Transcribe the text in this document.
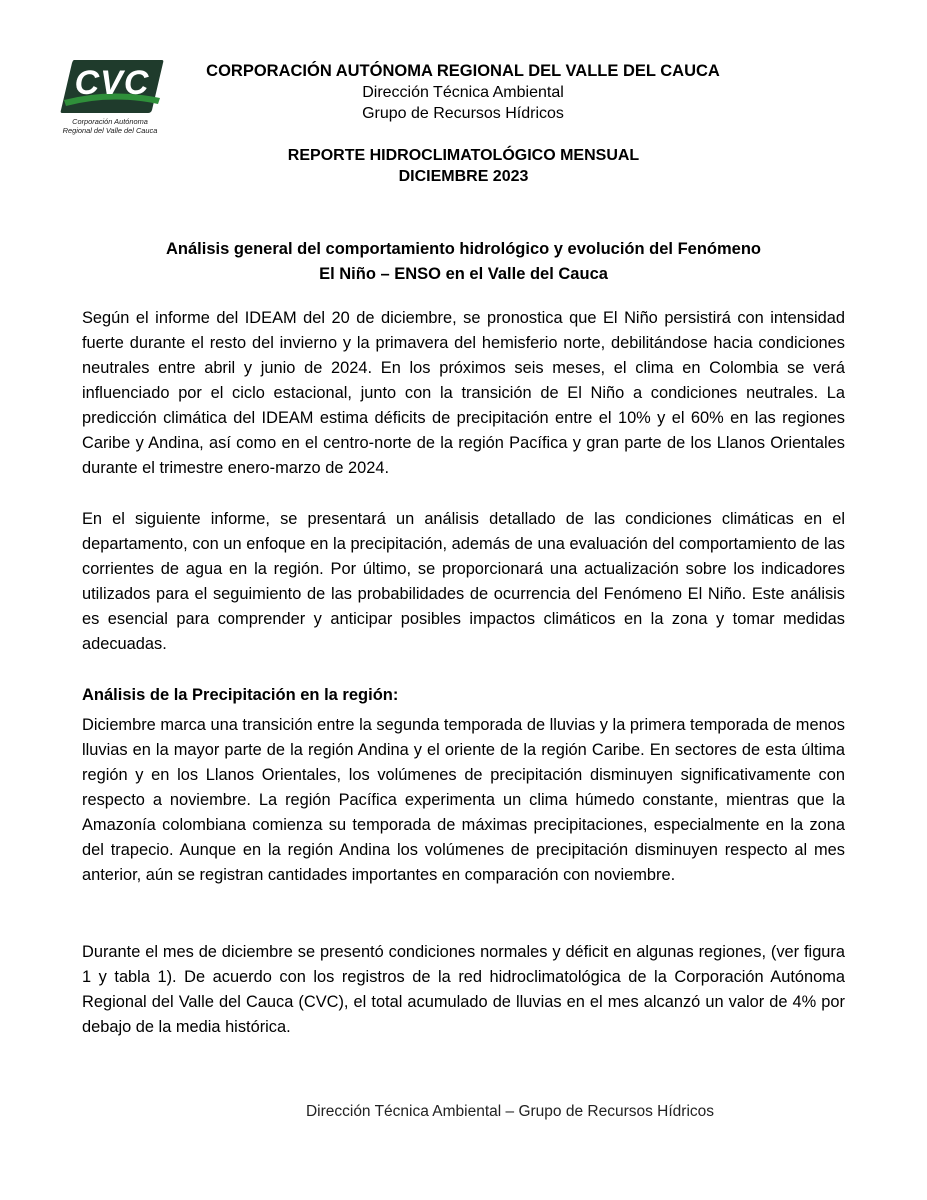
CVC
Corporación Autónoma
Regional del Valle del Cauca
CORPORACIÓN AUTÓNOMA REGIONAL DEL VALLE DEL CAUCA
Dirección Técnica Ambiental
Grupo de Recursos Hídricos
REPORTE HIDROCLIMATOLÓGICO MENSUAL
DICIEMBRE 2023
Análisis general del comportamiento hidrológico y evolución del Fenómeno
El Niño – ENSO en el Valle del Cauca

Según el informe del IDEAM del 20 de diciembre, se pronostica que El Niño persistirá con intensidad fuerte durante el resto del invierno y la primavera del hemisferio norte, debilitándose hacia condiciones neutrales entre abril y junio de 2024. En los próximos seis meses, el clima en Colombia se verá influenciado por el ciclo estacional, junto con la transición de El Niño a condiciones neutrales. La predicción climática del IDEAM estima déficits de precipitación entre el 10% y el 60% en las regiones Caribe y Andina, así como en el centro-norte de la región Pacífica y gran parte de los Llanos Orientales durante el trimestre enero-marzo de 2024.

En el siguiente informe, se presentará un análisis detallado de las condiciones climáticas en el departamento, con un enfoque en la precipitación, además de una evaluación del comportamiento de las corrientes de agua en la región. Por último, se proporcionará una actualización sobre los indicadores utilizados para el seguimiento de las probabilidades de ocurrencia del Fenómeno El Niño. Este análisis es esencial para comprender y anticipar posibles impactos climáticos en la zona y tomar medidas adecuadas.

Análisis de la Precipitación en la región:

Diciembre marca una transición entre la segunda temporada de lluvias y la primera temporada de menos lluvias en la mayor parte de la región Andina y el oriente de la región Caribe. En sectores de esta última región y en los Llanos Orientales, los volúmenes de precipitación disminuyen significativamente con respecto a noviembre. La región Pacífica experimenta un clima húmedo constante, mientras que la Amazonía colombiana comienza su temporada de máximas precipitaciones, especialmente en la zona del trapecio. Aunque en la región Andina los volúmenes de precipitación disminuyen respecto al mes anterior, aún se registran cantidades importantes en comparación con noviembre.

Durante el mes de diciembre se presentó condiciones normales y déficit en algunas regiones, (ver figura 1 y tabla 1). De acuerdo con los registros de la red hidroclimatológica de la Corporación Autónoma Regional del Valle del Cauca (CVC), el total acumulado de lluvias en el mes alcanzó un valor de 4% por debajo de la media histórica.

Dirección Técnica Ambiental – Grupo de Recursos Hídricos
